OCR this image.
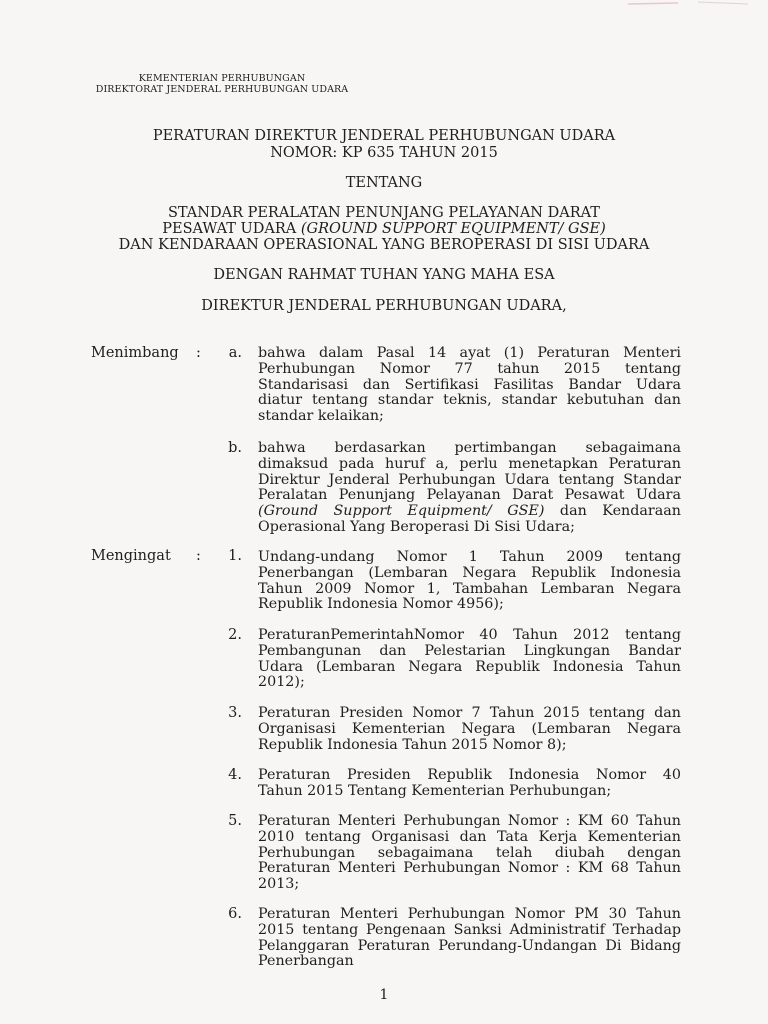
KEMENTERIAN PERHUBUNGAN
DIREKTORAT JENDERAL PERHUBUNGAN UDARA
PERATURAN DIREKTUR JENDERAL PERHUBUNGAN UDARA
NOMOR: KP 635 TAHUN 2015
TENTANG
STANDAR PERALATAN PENUNJANG PELAYANAN DARAT
PESAWAT UDARA (GROUND SUPPORT EQUIPMENT/ GSE)
DAN KENDARAAN OPERASIONAL YANG BEROPERASI DI SISI UDARA
DENGAN RAHMAT TUHAN YANG MAHA ESA
DIREKTUR JENDERAL PERHUBUNGAN UDARA,
Menimbang :	a. bahwa dalam Pasal 14 ayat (1) Peraturan Menteri
Perhubungan Nomor 77 tahun 2015 tentang
Standarisasi dan Sertifikasi Fasilitas Bandar Udara
diatur tentang standar teknis, standar kebutuhan dan
standar kelaikan;
b. bahwa berdasarkan pertimbangan sebagaimana
dimaksud pada huruf a, perlu menetapkan Peraturan
Direktur Jenderal Perhubungan Udara tentang Standar
Peralatan Penunjang Pelayanan Darat Pesawat Udara
(Ground Support Equipment/ GSE) dan Kendaraan
Operasional Yang Beroperasi Di Sisi Udara;
Mengingat :	1. Undang-undang Nomor 1 Tahun 2009 tentang
Penerbangan (Lembaran Negara Republik Indonesia
Tahun 2009 Nomor 1, Tambahan Lembaran Negara
Republik Indonesia Nomor 4956);
2. PeraturanPemerintahNomor 40 Tahun 2012 tentang
Pembangunan dan Pelestarian Lingkungan Bandar
Udara (Lembaran Negara Republik Indonesia Tahun
2012);
3. Peraturan Presiden Nomor 7 Tahun 2015 tentang dan
Organisasi Kementerian Negara (Lembaran Negara
Republik Indonesia Tahun 2015 Nomor 8);
4. Peraturan Presiden Republik Indonesia Nomor 40
Tahun 2015 Tentang Kementerian Perhubungan;
5. Peraturan Menteri Perhubungan Nomor : KM 60 Tahun
2010 tentang Organisasi dan Tata Kerja Kementerian
Perhubungan sebagaimana telah diubah dengan
Peraturan Menteri Perhubungan Nomor : KM 68 Tahun
2013;
6. Peraturan Menteri Perhubungan Nomor PM 30 Tahun
2015 tentang Pengenaan Sanksi Administratif Terhadap
Pelanggaran Peraturan Perundang-Undangan Di Bidang
Penerbangan
1
